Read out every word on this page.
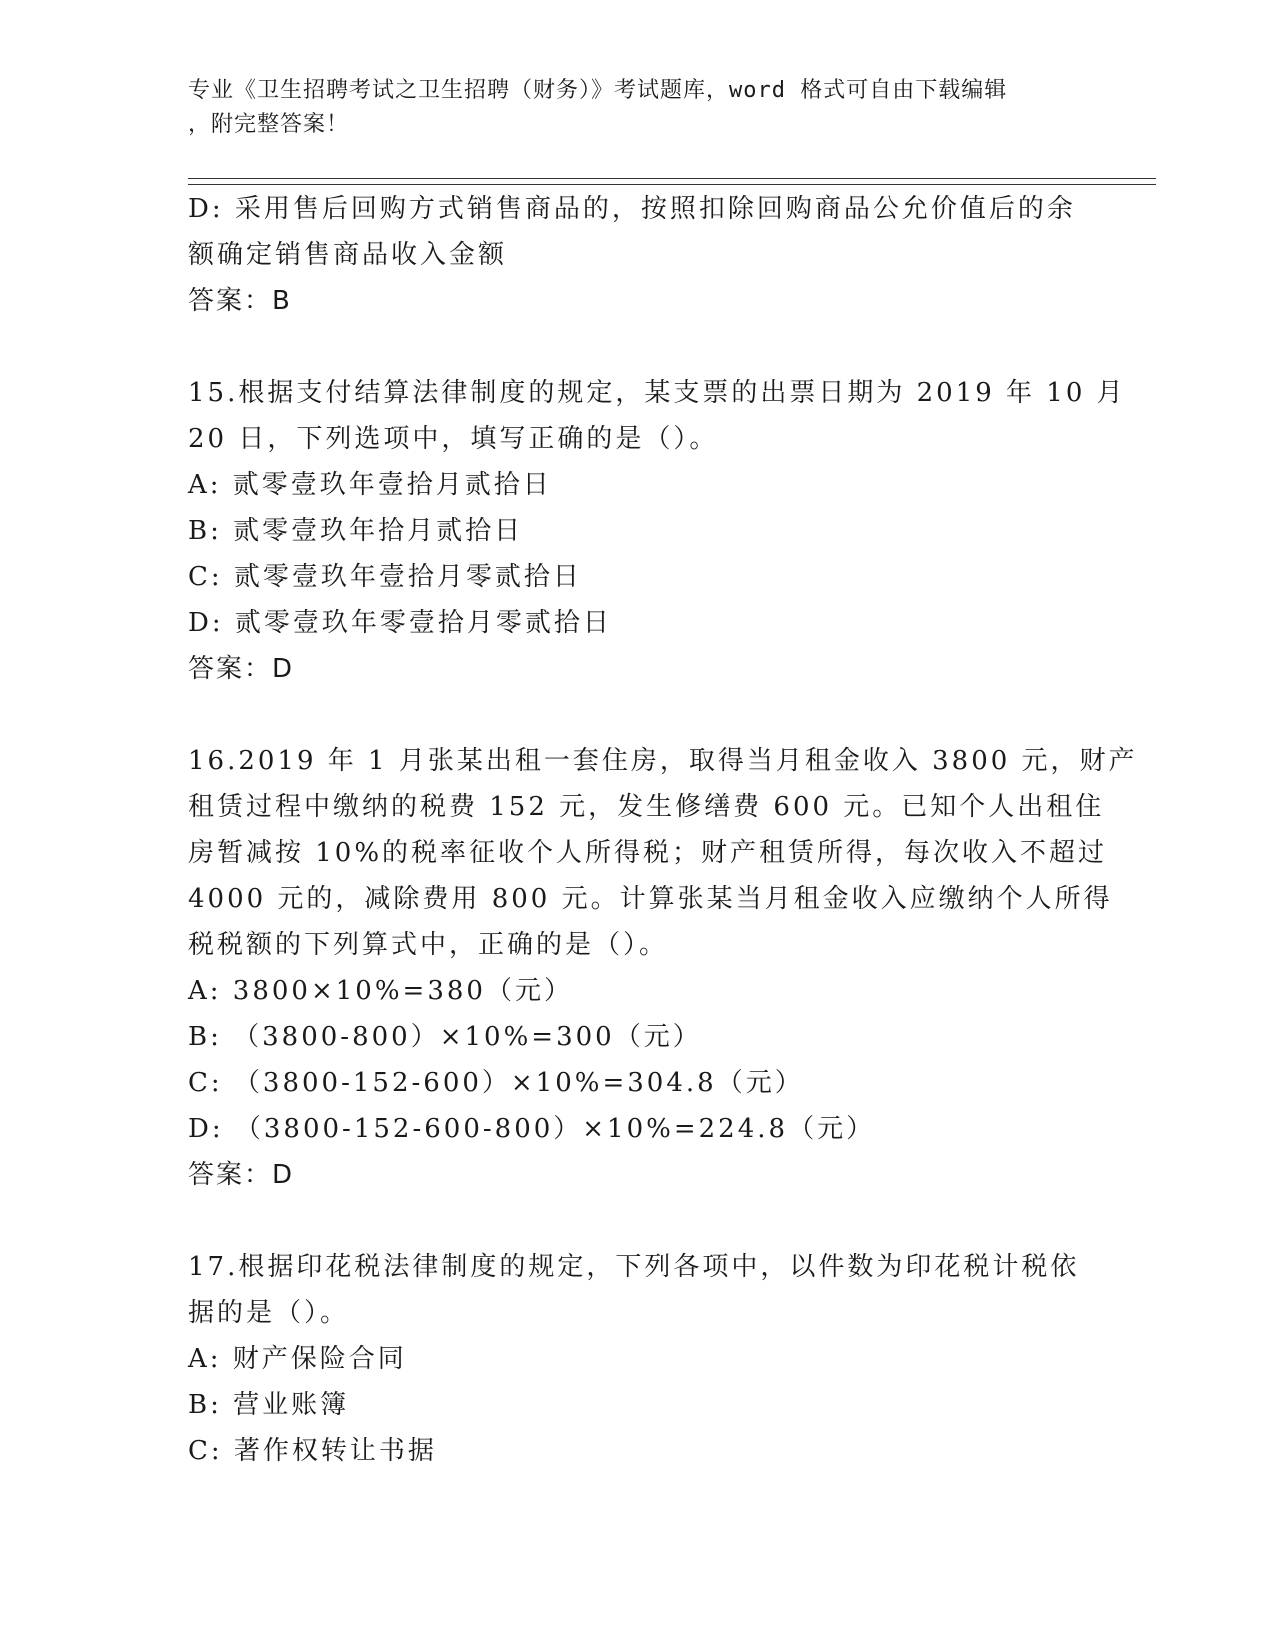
专业《卫生招聘考试之卫生招聘（财务）》考试题库，word 格式可自由下载编辑
，附完整答案！
D: 采用售后回购方式销售商品的，按照扣除回购商品公允价值后的余
额确定销售商品收入金额
答案：B
15.根据支付结算法律制度的规定，某支票的出票日期为 2019 年 10 月
20 日，下列选项中，填写正确的是（）。
A: 贰零壹玖年壹拾月贰拾日
B: 贰零壹玖年拾月贰拾日
C: 贰零壹玖年壹拾月零贰拾日
D: 贰零壹玖年零壹拾月零贰拾日
答案：D
16.2019 年 1 月张某出租一套住房，取得当月租金收入 3800 元，财产
租赁过程中缴纳的税费 152 元，发生修缮费 600 元。已知个人出租住
房暂减按 10%的税率征收个人所得税；财产租赁所得，每次收入不超过
4000 元的，减除费用 800 元。计算张某当月租金收入应缴纳个人所得
税税额的下列算式中，正确的是（）。
A: 3800×10%=380（元）
B: （3800-800）×10%=300（元）
C: （3800-152-600）×10%=304.8（元）
D: （3800-152-600-800）×10%=224.8（元）
答案：D
17.根据印花税法律制度的规定，下列各项中，以件数为印花税计税依
据的是（）。
A: 财产保险合同
B: 营业账簿
C: 著作权转让书据
